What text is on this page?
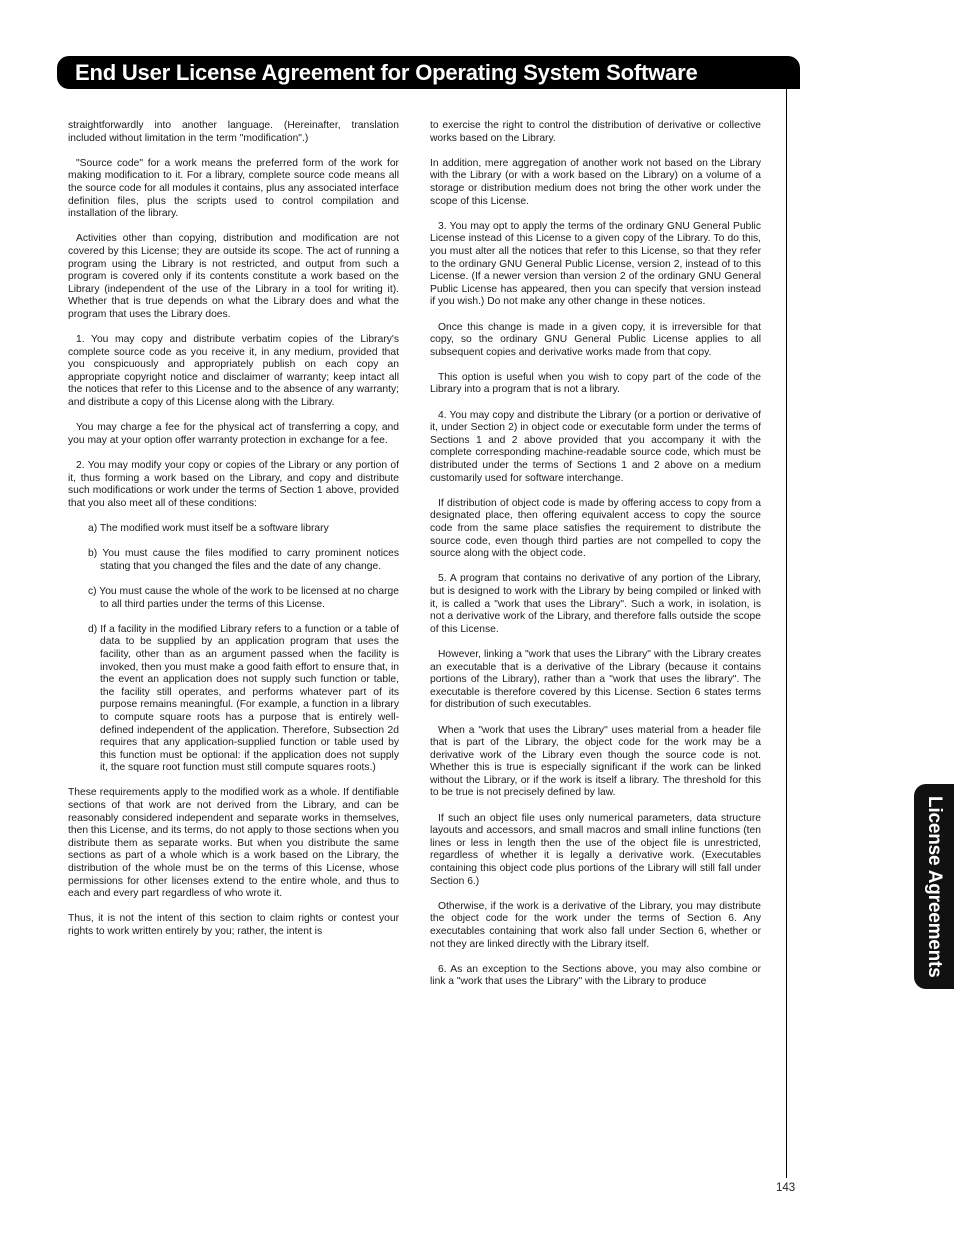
End User License Agreement for Operating System Software
License Agreements
143

straightforwardly into another language. (Hereinafter, translation included without limitation in the term "modification".)

"Source code" for a work means the preferred form of the work for making modification to it. For a library, complete source code means all the source code for all modules it contains, plus any associated interface definition files, plus the scripts used to control compilation and installation of the library.

Activities other than copying, distribution and modification are not covered by this License; they are outside its scope. The act of running a program using the Library is not restricted, and output from such a program is covered only if its contents constitute a work based on the Library (independent of the use of the Library in a tool for writing it). Whether that is true depends on what the Library does and what the program that uses the Library does.

1. You may copy and distribute verbatim copies of the Library's complete source code as you receive it, in any medium, provided that you conspicuously and appropriately publish on each copy an appropriate copyright notice and disclaimer of warranty; keep intact all the notices that refer to this License and to the absence of any warranty; and distribute a copy of this License along with the Library.

You may charge a fee for the physical act of transferring a copy, and you may at your option offer warranty protection in exchange for a fee.

2. You may modify your copy or copies of the Library or any portion of it, thus forming a work based on the Library, and copy and distribute such modifications or work under the terms of Section 1 above, provided that you also meet all of these conditions:

a) The modified work must itself be a software library
b) You must cause the files modified to carry prominent notices stating that you changed the files and the date of any change.
c) You must cause the whole of the work to be licensed at no charge to all third parties under the terms of this License.
d) If a facility in the modified Library refers to a function or a table of data to be supplied by an application program that uses the facility, other than as an argument passed when the facility is invoked, then you must make a good faith effort to ensure that, in the event an application does not supply such function or table, the facility still operates, and performs whatever part of its purpose remains meaningful. (For example, a function in a library to compute square roots has a purpose that is entirely well-defined independent of the application. Therefore, Subsection 2d requires that any application-supplied function or table used by this function must be optional: if the application does not supply it, the square root function must still compute squares roots.)

These requirements apply to the modified work as a whole. If dentifiable sections of that work are not derived from the Library, and can be reasonably considered independent and separate works in themselves, then this License, and its terms, do not apply to those sections when you distribute them as separate works. But when you distribute the same sections as part of a whole which is a work based on the Library, the distribution of the whole must be on the terms of this License, whose permissions for other licenses extend to the entire whole, and thus to each and every part regardless of who wrote it.

Thus, it is not the intent of this section to claim rights or contest your rights to work written entirely by you; rather, the intent is

to exercise the right to control the distribution of derivative or collective works based on the Library.

In addition, mere aggregation of another work not based on the Library with the Library (or with a work based on the Library) on a volume of a storage or distribution medium does not bring the other work under the scope of this License.

3. You may opt to apply the terms of the ordinary GNU General Public License instead of this License to a given copy of the Library. To do this, you must alter all the notices that refer to this License, so that they refer to the ordinary GNU General Public License, version 2, instead of to this License. (If a newer version than version 2 of the ordinary GNU General Public License has appeared, then you can specify that version instead if you wish.) Do not make any other change in these notices.

Once this change is made in a given copy, it is irreversible for that copy, so the ordinary GNU General Public License applies to all subsequent copies and derivative works made from that copy.

This option is useful when you wish to copy part of the code of the Library into a program that is not a library.

4. You may copy and distribute the Library (or a portion or derivative of it, under Section 2) in object code or executable form under the terms of Sections 1 and 2 above provided that you accompany it with the complete corresponding machine-readable source code, which must be distributed under the terms of Sections 1 and 2 above on a medium customarily used for software interchange.

If distribution of object code is made by offering access to copy from a designated place, then offering equivalent access to copy the source code from the same place satisfies the requirement to distribute the source code, even though third parties are not compelled to copy the source along with the object code.

5. A program that contains no derivative of any portion of the Library, but is designed to work with the Library by being compiled or linked with it, is called a "work that uses the Library". Such a work, in isolation, is not a derivative work of the Library, and therefore falls outside the scope of this License.

However, linking a "work that uses the Library" with the Library creates an executable that is a derivative of the Library (because it contains portions of the Library), rather than a "work that uses the library". The executable is therefore covered by this License. Section 6 states terms for distribution of such executables.

When a "work that uses the Library" uses material from a header file that is part of the Library, the object code for the work may be a derivative work of the Library even though the source code is not. Whether this is true is especially significant if the work can be linked without the Library, or if the work is itself a library. The threshold for this to be true is not precisely defined by law.

If such an object file uses only numerical parameters, data structure layouts and accessors, and small macros and small inline functions (ten lines or less in length then the use of the object file is unrestricted, regardless of whether it is legally a derivative work. (Executables containing this object code plus portions of the Library will still fall under Section 6.)

Otherwise, if the work is a derivative of the Library, you may distribute the object code for the work under the terms of Section 6. Any executables containing that work also fall under Section 6, whether or not they are linked directly with the Library itself.

6. As an exception to the Sections above, you may also combine or link a "work that uses the Library" with the Library to produce
